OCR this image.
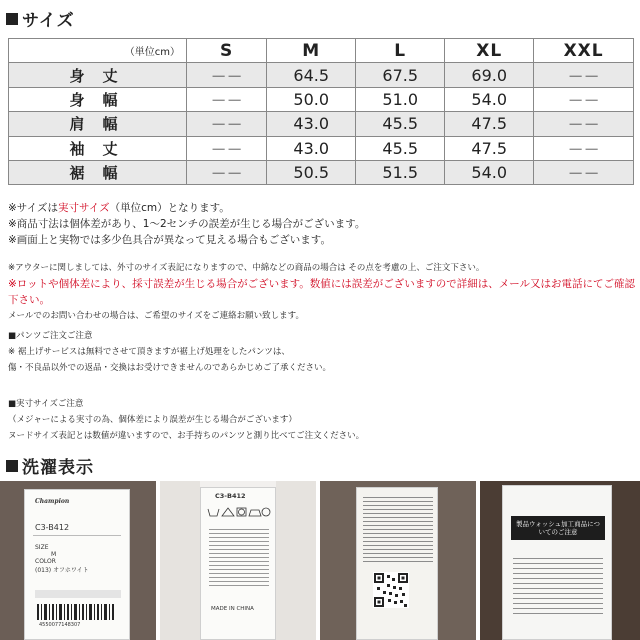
サイズ
（単位cm）	S	M	L	XL	XXL
身丈	－－	64.5	67.5	69.0	－－
身幅	－－	50.0	51.0	54.0	－－
肩幅	－－	43.0	45.5	47.5	－－
袖丈	－－	43.0	45.5	47.5	－－
裾幅	－－	50.5	51.5	54.0	－－
※サイズは実寸サイズ（単位cm）となります。
※商品寸法は個体差があり、1～2センチの誤差が生じる場合がございます。
※画面上と実物では多少色具合が異なって見える場合もございます。
※アウターに関しましては、外寸のサイズ表記になりますので、中綿などの商品の場合は その点を考慮の上、ご注文下さい。
※ロットや個体差により、採寸誤差が生じる場合がございます。数値には誤差がございますので詳細は、メール又はお電話にてご確認下さい。
メールでのお問い合わせの場合は、ご希望のサイズをご連絡お願い致します。
■パンツご注文ご注意
※ 裾上げサービスは無料でさせて頂きますが裾上げ処理をしたパンツは、
傷・不良品以外での返品・交換はお受けできませんのであらかじめご了承ください。
■実寸サイズご注意
（メジャーによる実寸の為、個体差により誤差が生じる場合がございます）
ヌードサイズ表記とは数値が違いますので、お手持ちのパンツと測り比べてご注文ください。
洗濯表示
Champion
C3-B412
SIZE
M
COLOR
(013) オフホワイト
4550077148307
C3-B412
MADE IN CHINA
製品ウォッシュ加工商品についてのご注意
